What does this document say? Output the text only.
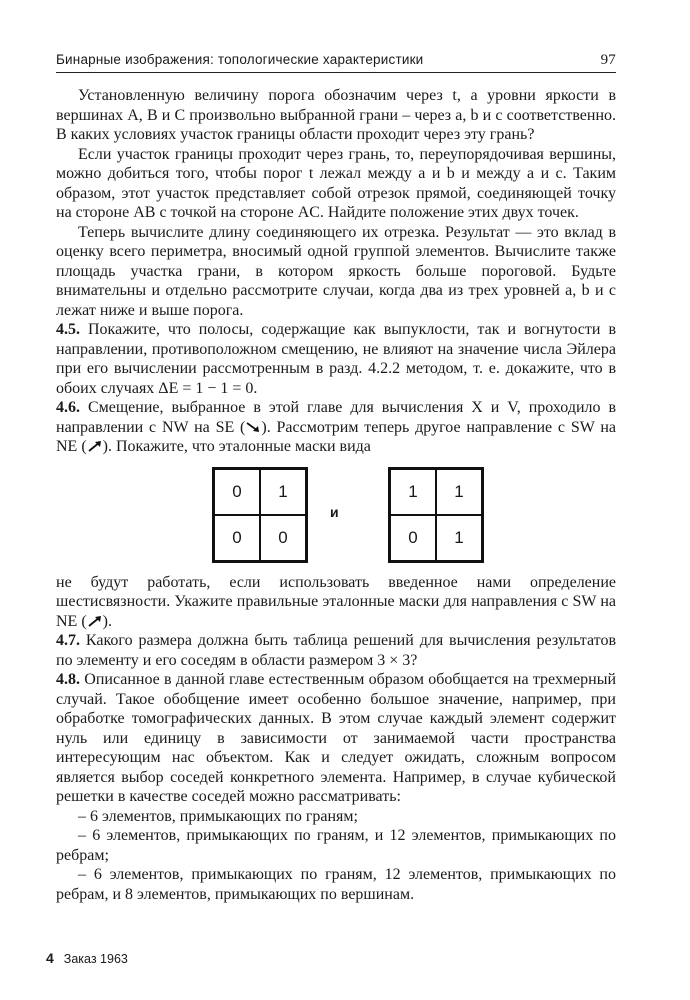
Бинарные изображения: топологические характеристики	97

Установленную величину порога обозначим через t, а уровни яркости в вершинах A, B и C произвольно выбранной грани – через a, b и c соответственно. В каких условиях участок границы области проходит через эту грань?

Если участок границы проходит через грань, то, переупорядочивая вершины, можно добиться того, чтобы порог t лежал между a и b и между a и c. Таким образом, этот участок представляет собой отрезок прямой, соединяющей точку на стороне AB с точкой на стороне AC. Найдите положение этих двух точек.

Теперь вычислите длину соединяющего их отрезка. Результат — это вклад в оценку всего периметра, вносимый одной группой элементов. Вычислите также площадь участка грани, в котором яркость больше пороговой. Будьте внимательны и отдельно рассмотрите случаи, когда два из трех уровней a, b и c лежат ниже и выше порога.

4.5. Покажите, что полосы, содержащие как выпуклости, так и вогнутости в направлении, противоположном смещению, не влияют на значение числа Эйлера при его вычислении рассмотренным в разд. 4.2.2 методом, т. е. докажите, что в обоих случаях ΔE = 1 − 1 = 0.

4.6. Смещение, выбранное в этой главе для вычисления X и V, проходило в направлении с NW на SE ( ). Рассмотрим теперь другое направление с SW на NE ( ). Покажите, что эталонные маски вида

0	1
0	0
и
1	1
0	1

не будут работать, если использовать введенное нами определение шестисвязности. Укажите правильные эталонные маски для направления с SW на NE ( ).

4.7. Какого размера должна быть таблица решений для вычисления результатов по элементу и его соседям в области размером 3 × 3?

4.8. Описанное в данной главе естественным образом обобщается на трехмерный случай. Такое обобщение имеет особенно большое значение, например, при обработке томографических данных. В этом случае каждый элемент содержит нуль или единицу в зависимости от занимаемой части пространства интересующим нас объектом. Как и следует ожидать, сложным вопросом является выбор соседей конкретного элемента. Например, в случае кубической решетки в качестве соседей можно рассматривать:

– 6 элементов, примыкающих по граням;

– 6 элементов, примыкающих по граням, и 12 элементов, примыкающих по ребрам;

– 6 элементов, примыкающих по граням, 12 элементов, примыкающих по ребрам, и 8 элементов, примыкающих по вершинам.

4 Заказ 1963
